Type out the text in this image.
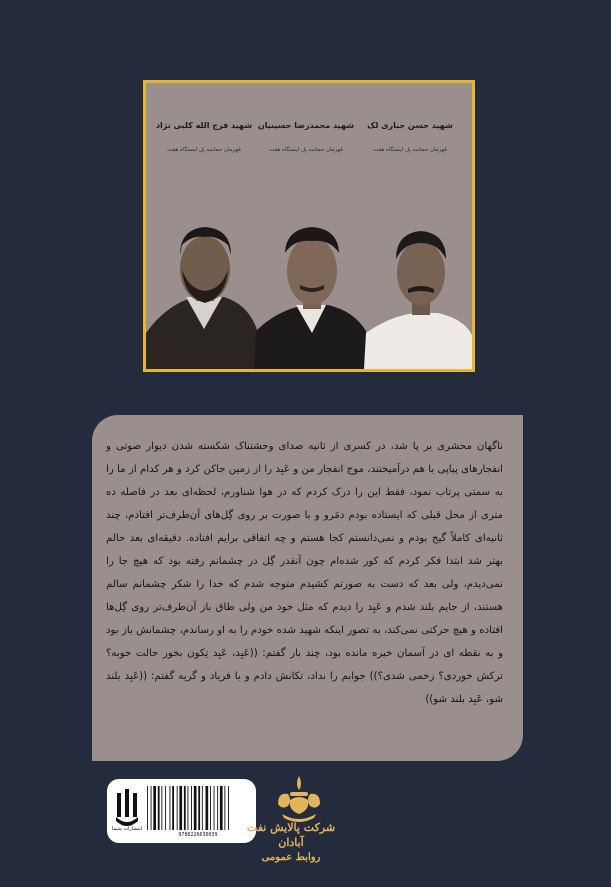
شهید حسن جباری لک
قهرمان حماسه پل ایستگاه هفت
شهید محمدرضا حسینیان
قهرمان حماسه پل ایستگاه هفت
شهید فرج الله کلبی نژاد
قهرمان حماسه پل ایستگاه هفت

ناگهان محشری بر پا شد، در کسری از ثانیه صدای وحشتناک شکسته شدن دیوار صوتی و انفجارهای پیاپی با هم درآمیختند، موج انفجار من و عَبِد را از زمین جاکن کرد و هر کدام از ما را به سمتی پرتاب نمود، فقط این را درک کردم که در هوا شناورم، لحظه‌ای بعد در فاصله ده متری از محل قبلی که ایستاده بودم دمَرو و با صورت بر روی گِل‌های آن‌طرف‌تر افتادم، چند ثانیه‌ای کاملاً گیج بودم و نمی‌دانستم کجا هستم و چه اتفاقی برایم افتاده. دقیقه‌ای بعد حالم بهتر شد ابتدا فکر کردم که کور شده‌ام چون آنقدر گِل در چشمانم رفته بود که هیچ جا را نمی‌دیدم، ولی بعد که دست به صورتم کشیدم متوجه شدم که خدا را شکر چشمانم سالم هستند، از جایم بلند شدم و عَبِد را دیدم که مثل خود من ولی طاق باز آن‌طرف‌تر روی گِل‌ها افتاده و هیچ حرکتی نمی‌کند، به تصور اینکه شهید شده خودم را به او رساندم، چشمانش باز بود و به نقطه ای در آسمان خیره مانده بود، چند بار گفتم: ((عَبِد، عَبِد تِکون بخور حالت خوبه؟ ترکش خوردی؟ زخمی شدی؟)) جوابم را نداد، تکانش دادم و با فریاد و گریه گفتم: ((عَبِد بلند شو، عَبِد بلند شو))

انتشارات شیما
9786226630039
شرکت پالایش نفت آبادان
روابط عمومی
